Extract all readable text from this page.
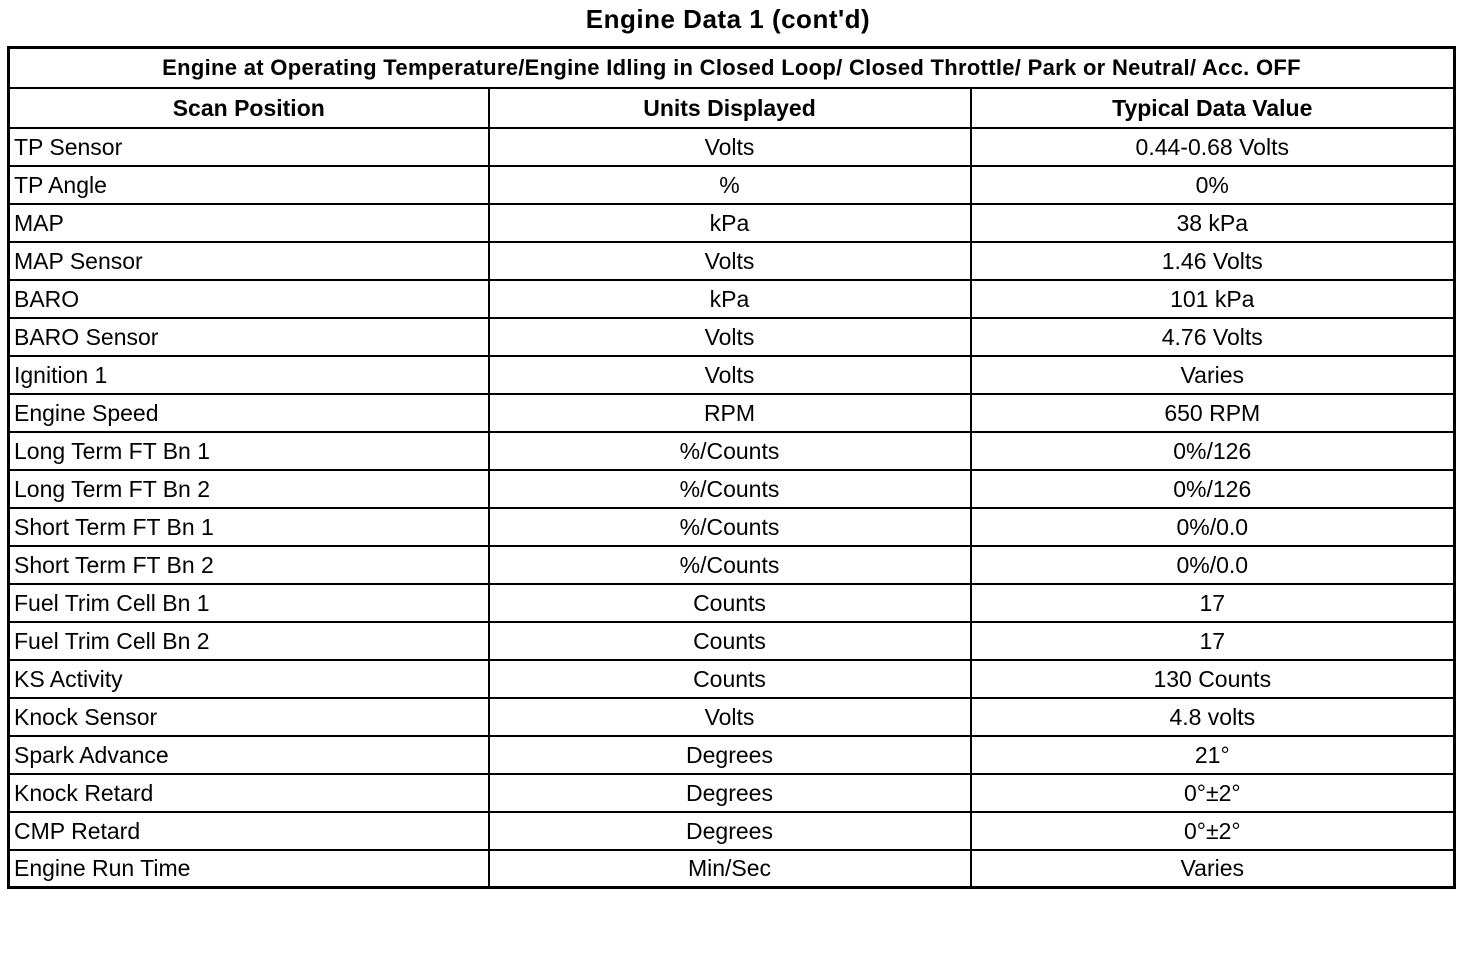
Engine Data 1 (cont'd)
Engine at Operating Temperature/Engine Idling in Closed Loop/ Closed Throttle/ Park or Neutral/ Acc. OFF		
Scan Position	Units Displayed	Typical Data Value
TP Sensor	Volts	0.44-0.68 Volts
TP Angle	%	0%
MAP	kPa	38 kPa
MAP Sensor	Volts	1.46 Volts
BARO	kPa	101 kPa
BARO Sensor	Volts	4.76 Volts
Ignition 1	Volts	Varies
Engine Speed	RPM	650 RPM
Long Term FT Bn 1	%/Counts	0%/126
Long Term FT Bn 2	%/Counts	0%/126
Short Term FT Bn 1	%/Counts	0%/0.0
Short Term FT Bn 2	%/Counts	0%/0.0
Fuel Trim Cell Bn 1	Counts	17
Fuel Trim Cell Bn 2	Counts	17
KS Activity	Counts	130 Counts
Knock Sensor	Volts	4.8 volts
Spark Advance	Degrees	21°
Knock Retard	Degrees	0°±2°
CMP Retard	Degrees	0°±2°
Engine Run Time	Min/Sec	Varies
